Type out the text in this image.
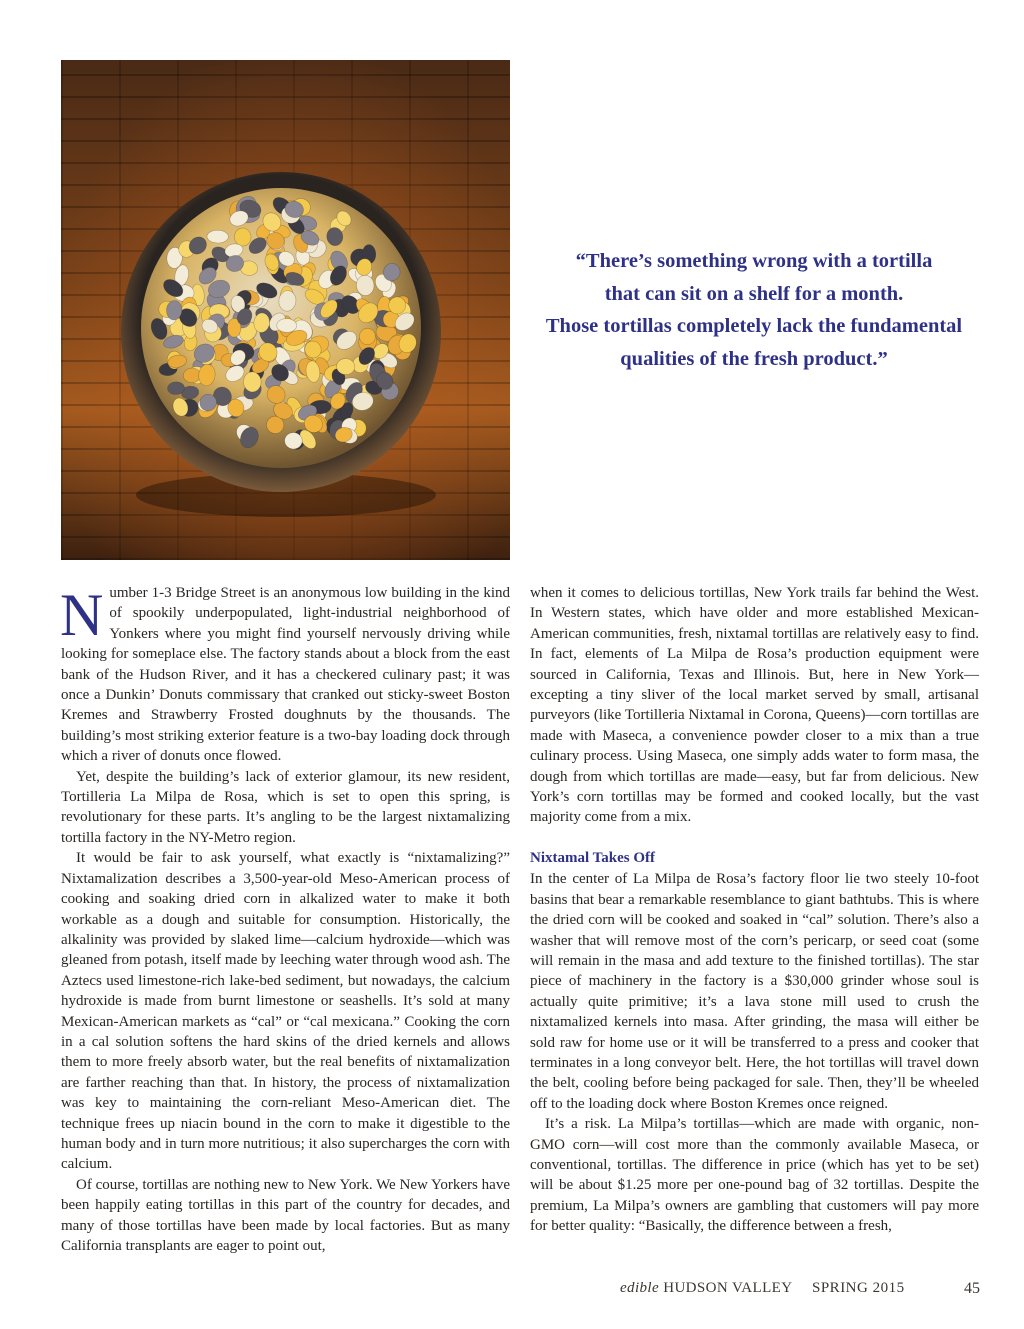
“There’s something wrong with a tortilla
that can sit on a shelf for a month.
Those tortillas completely lack the fundamental
qualities of the fresh product.”

Number 1-3 Bridge Street is an anonymous low building in the kind of spookily underpopulated, light-industrial neighborhood of Yonkers where you might find yourself nervously driving while looking for someplace else. The factory stands about a block from the east bank of the Hudson River, and it has a checkered culinary past; it was once a Dunkin’ Donuts commissary that cranked out sticky-sweet Boston Kremes and Strawberry Frosted doughnuts by the thousands. The building’s most striking exterior feature is a two-bay loading dock through which a river of donuts once flowed.

Yet, despite the building’s lack of exterior glamour, its new resident, Tortilleria La Milpa de Rosa, which is set to open this spring, is revolutionary for these parts. It’s angling to be the largest nixtamalizing tortilla factory in the NY-Metro region.

It would be fair to ask yourself, what exactly is “nixtamalizing?” Nixtamalization describes a 3,500-year-old Meso-American process of cooking and soaking dried corn in alkalized water to make it both workable as a dough and suitable for consumption. Historically, the alkalinity was provided by slaked lime—calcium hydroxide—which was gleaned from potash, itself made by leeching water through wood ash. The Aztecs used limestone-rich lake-bed sediment, but nowadays, the calcium hydroxide is made from burnt limestone or seashells. It’s sold at many Mexican-American markets as “cal” or “cal mexicana.” Cooking the corn in a cal solution softens the hard skins of the dried kernels and allows them to more freely absorb water, but the real benefits of nixtamalization are farther reaching than that. In history, the process of nixtamalization was key to maintaining the corn-reliant Meso-American diet. The technique frees up niacin bound in the corn to make it digestible to the human body and in turn more nutritious; it also supercharges the corn with calcium.

Of course, tortillas are nothing new to New York. We New Yorkers have been happily eating tortillas in this part of the country for decades, and many of those tortillas have been made by local factories. But as many California transplants are eager to point out,

when it comes to delicious tortillas, New York trails far behind the West. In Western states, which have older and more established Mexican-American communities, fresh, nixtamal tortillas are relatively easy to find. In fact, elements of La Milpa de Rosa’s production equipment were sourced in California, Texas and Illinois. But, here in New York—excepting a tiny sliver of the local market served by small, artisanal purveyors (like Tortilleria Nixtamal in Corona, Queens)—corn tortillas are made with Maseca, a convenience powder closer to a mix than a true culinary process. Using Maseca, one simply adds water to form masa, the dough from which tortillas are made—easy, but far from delicious. New York’s corn tortillas may be formed and cooked locally, but the vast majority come from a mix.

Nixtamal Takes Off

In the center of La Milpa de Rosa’s factory floor lie two steely 10-foot basins that bear a remarkable resemblance to giant bathtubs. This is where the dried corn will be cooked and soaked in “cal” solution. There’s also a washer that will remove most of the corn’s pericarp, or seed coat (some will remain in the masa and add texture to the finished tortillas). The star piece of machinery in the factory is a $30,000 grinder whose soul is actually quite primitive; it’s a lava stone mill used to crush the nixtamalized kernels into masa. After grinding, the masa will either be sold raw for home use or it will be transferred to a press and cooker that terminates in a long conveyor belt. Here, the hot tortillas will travel down the belt, cooling before being packaged for sale. Then, they’ll be wheeled off to the loading dock where Boston Kremes once reigned.

It’s a risk. La Milpa’s tortillas—which are made with organic, non-GMO corn—will cost more than the commonly available Maseca, or conventional, tortillas. The difference in price (which has yet to be set) will be about $1.25 more per one-pound bag of 32 tortillas. Despite the premium, La Milpa’s owners are gambling that customers will pay more for better quality: “Basically, the difference between a fresh,

edible HUDSON VALLEY SPRING 2015	45
